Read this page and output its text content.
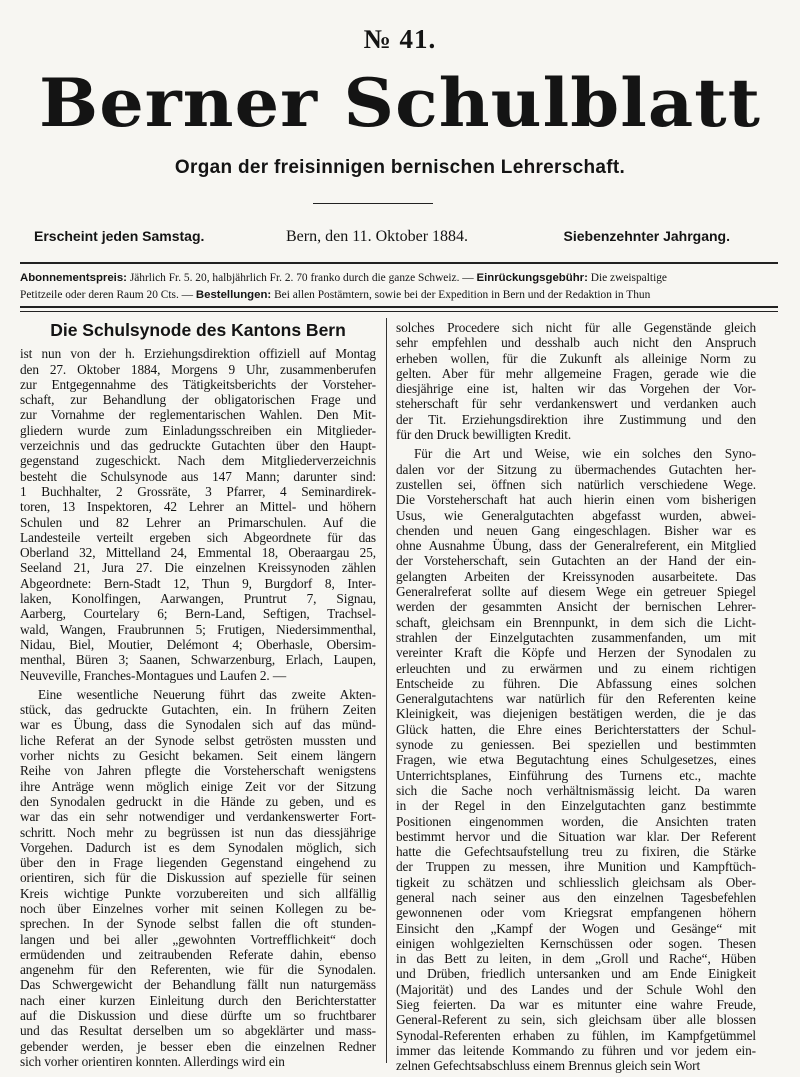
№ 41.
Berner Schulblatt
Organ der freisinnigen bernischen Lehrerschaft.
Erscheint jeden Samstag.	Bern, den 11. Oktober 1884.	Siebenzehnter Jahrgang.
Abonnementspreis: Jährlich Fr. 5. 20, halbjährlich Fr. 2. 70 franko durch die ganze Schweiz. — Einrückungsgebühr: Die zweispaltige
Petitzeile oder deren Raum 20 Cts. — Bestellungen: Bei allen Postämtern, sowie bei der Expedition in Bern und der Redaktion in Thun
Die Schulsynode des Kantons Bern
ist nun von der h. Erziehungsdirektion offiziell auf Montag
den 27. Oktober 1884, Morgens 9 Uhr, zusammenberufen
zur Entgegennahme des Tätigkeitsberichts der Vorsteher-
schaft, zur Behandlung der obligatorischen Frage und
zur Vornahme der reglementarischen Wahlen. Den Mit-
gliedern wurde zum Einladungsschreiben ein Mitglieder-
verzeichnis und das gedruckte Gutachten über den Haupt-
gegenstand zugeschickt. Nach dem Mitgliederverzeichnis
besteht die Schulsynode aus 147 Mann; darunter sind:
1 Buchhalter, 2 Grossräte, 3 Pfarrer, 4 Seminardirek-
toren, 13 Inspektoren, 42 Lehrer an Mittel- und höhern
Schulen und 82 Lehrer an Primarschulen. Auf die
Landesteile verteilt ergeben sich Abgeordnete für das
Oberland 32, Mittelland 24, Emmental 18, Oberaargau 25,
Seeland 21, Jura 27. Die einzelnen Kreissynoden zählen
Abgeordnete: Bern-Stadt 12, Thun 9, Burgdorf 8, Inter-
laken, Konolfingen, Aarwangen, Pruntrut 7, Signau,
Aarberg, Courtelary 6; Bern-Land, Seftigen, Trachsel-
wald, Wangen, Fraubrunnen 5; Frutigen, Niedersimmenthal,
Nidau, Biel, Moutier, Delémont 4; Oberhasle, Obersim-
menthal, Büren 3; Saanen, Schwarzenburg, Erlach, Laupen,
Neuveville, Franches-Montagues und Laufen 2. —
Eine wesentliche Neuerung führt das zweite Akten-
stück, das gedruckte Gutachten, ein. In frühern Zeiten
war es Übung, dass die Synodalen sich auf das münd-
liche Referat an der Synode selbst getrösten mussten und
vorher nichts zu Gesicht bekamen. Seit einem längern
Reihe von Jahren pflegte die Vorsteherschaft wenigstens
ihre Anträge wenn möglich einige Zeit vor der Sitzung
den Synodalen gedruckt in die Hände zu geben, und es
war das ein sehr notwendiger und verdankenswerter Fort-
schritt. Noch mehr zu begrüssen ist nun das diessjährige
Vorgehen. Dadurch ist es dem Synodalen möglich, sich
über den in Frage liegenden Gegenstand eingehend zu
orientiren, sich für die Diskussion auf spezielle für seinen
Kreis wichtige Punkte vorzubereiten und sich allfällig
noch über Einzelnes vorher mit seinen Kollegen zu be-
sprechen. In der Synode selbst fallen die oft stunden-
langen und bei aller „gewohnten Vortrefflichkeit“ doch
ermüdenden und zeitraubenden Referate dahin, ebenso
angenehm für den Referenten, wie für die Synodalen.
Das Schwergewicht der Behandlung fällt nun naturgemäss
nach einer kurzen Einleitung durch den Berichterstatter
auf die Diskussion und diese dürfte um so fruchtbarer
und das Resultat derselben um so abgeklärter und mass-
gebender werden, je besser eben die einzelnen Redner
sich vorher orientiren konnten. Allerdings wird ein
solches Procedere sich nicht für alle Gegenstände gleich
sehr empfehlen und desshalb auch nicht den Anspruch
erheben wollen, für die Zukunft als alleinige Norm zu
gelten. Aber für mehr allgemeine Fragen, gerade wie die
diesjährige eine ist, halten wir das Vorgehen der Vor-
steherschaft für sehr verdankenswert und verdanken auch
der Tit. Erziehungsdirektion ihre Zustimmung und den
für den Druck bewilligten Kredit.
Für die Art und Weise, wie ein solches den Syno-
dalen vor der Sitzung zu übermachendes Gutachten her-
zustellen sei, öffnen sich natürlich verschiedene Wege.
Die Vorsteherschaft hat auch hierin einen vom bisherigen
Usus, wie Generalgutachten abgefasst wurden, abwei-
chenden und neuen Gang eingeschlagen. Bisher war es
ohne Ausnahme Übung, dass der Generalreferent, ein Mitglied
der Vorsteherschaft, sein Gutachten an der Hand der ein-
gelangten Arbeiten der Kreissynoden ausarbeitete. Das
Generalreferat sollte auf diesem Wege ein getreuer Spiegel
werden der gesammten Ansicht der bernischen Lehrer-
schaft, gleichsam ein Brennpunkt, in dem sich die Licht-
strahlen der Einzelgutachten zusammenfanden, um mit
vereinter Kraft die Köpfe und Herzen der Synodalen zu
erleuchten und zu erwärmen und zu einem richtigen
Entscheide zu führen. Die Abfassung eines solchen
Generalgutachtens war natürlich für den Referenten keine
Kleinigkeit, was diejenigen bestätigen werden, die je das
Glück hatten, die Ehre eines Berichterstatters der Schul-
synode zu geniessen. Bei speziellen und bestimmten
Fragen, wie etwa Begutachtung eines Schulgesetzes, eines
Unterrichtsplanes, Einführung des Turnens etc., machte
sich die Sache noch verhältnismässig leicht. Da waren
in der Regel in den Einzelgutachten ganz bestimmte
Positionen eingenommen worden, die Ansichten traten
bestimmt hervor und die Situation war klar. Der Referent
hatte die Gefechtsaufstellung treu zu fixiren, die Stärke
der Truppen zu messen, ihre Munition und Kampftüch-
tigkeit zu schätzen und schliesslich gleichsam als Ober-
general nach seiner aus den einzelnen Tagesbefehlen
gewonnenen oder vom Kriegsrat empfangenen höhern
Einsicht den „Kampf der Wogen und Gesänge“ mit
einigen wohlgezielten Kernschüssen oder sogen. Thesen
in das Bett zu leiten, in dem „Groll und Rache“, Hüben
und Drüben, friedlich untersanken und am Ende Einigkeit
(Majorität) und des Landes und der Schule Wohl den
Sieg feierten. Da war es mitunter eine wahre Freude,
General-Referent zu sein, sich gleichsam über alle blossen
Synodal-Referenten erhaben zu fühlen, im Kampfgetümmel
immer das leitende Kommando zu führen und vor jedem ein-
zelnen Gefechtsabschluss einem Brennus gleich sein Wort
